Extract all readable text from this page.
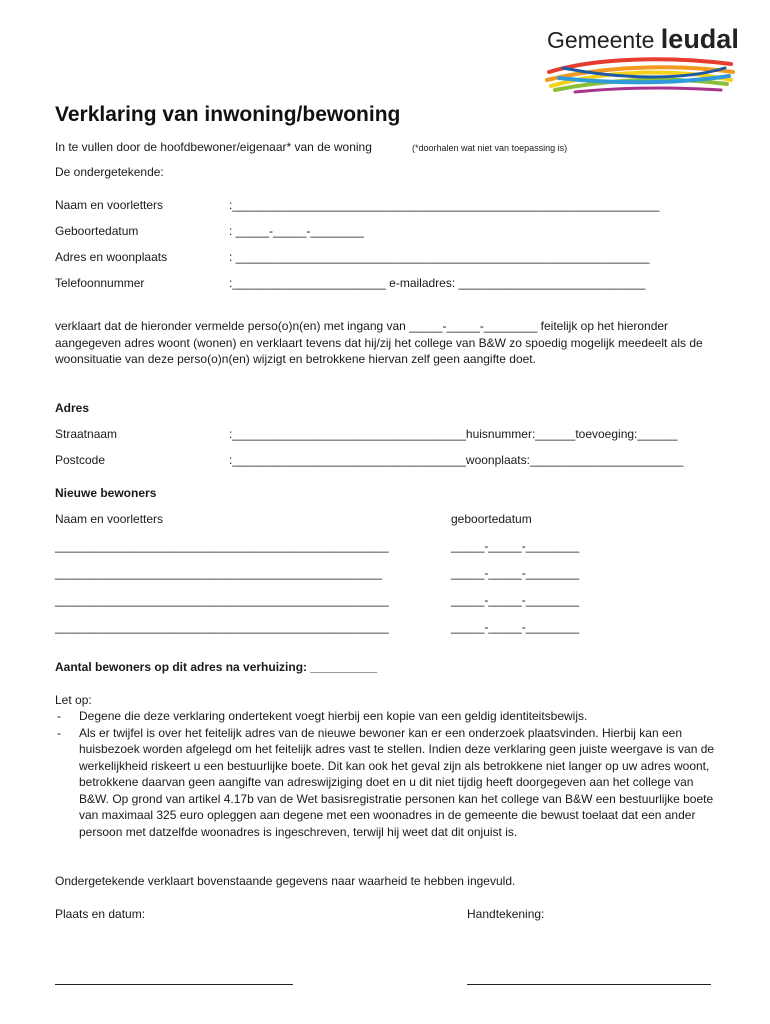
Gemeente leudal
Verklaring van inwoning/bewoning
In te vullen door de hoofdbewoner/eigenaar* van de woning	(*doorhalen wat niet van toepassing is)
De ondergetekende:
Naam en voorletters	:________________________________________________________________
Geboortedatum	: _____-_____-________
Adres en woonplaats	: ______________________________________________________________
Telefoonnummer	:_______________________ e-mailadres: ____________________________
verklaart dat de hieronder vermelde perso(o)n(en) met ingang van _____-_____-________ feitelijk op het hieronder aangegeven adres woont (wonen) en verklaart tevens dat hij/zij het college van B&W zo spoedig mogelijk meedeelt als de woonsituatie van deze perso(o)n(en) wijzigt en betrokkene hiervan zelf geen aangifte doet.
Adres
Straatnaam	:___________________________________huisnummer:______toevoeging:______
Postcode	:___________________________________woonplaats:_______________________
Nieuwe bewoners
Naam en voorletters	geboortedatum
__________________________________________________	_____-_____-________
_________________________________________________	_____-_____-________
__________________________________________________	_____-_____-________
__________________________________________________	_____-_____-________
Aantal bewoners op dit adres na verhuizing: __________
Let op:
- Degene die deze verklaring ondertekent voegt hierbij een kopie van een geldig identiteitsbewijs.
- Als er twijfel is over het feitelijk adres van de nieuwe bewoner kan er een onderzoek plaatsvinden. Hierbij kan een huisbezoek worden afgelegd om het feitelijk adres vast te stellen. Indien deze verklaring geen juiste weergave is van de werkelijkheid riskeert u een bestuurlijke boete. Dit kan ook het geval zijn als betrokkene niet langer op uw adres woont, betrokkene daarvan geen aangifte van adreswijziging doet en u dit niet tijdig heeft doorgegeven aan het college van B&W. Op grond van artikel 4.17b van de Wet basisregistratie personen kan het college van B&W een bestuurlijke boete van maximaal 325 euro opleggen aan degene met een woonadres in de gemeente die bewust toelaat dat een ander persoon met datzelfde woonadres is ingeschreven, terwijl hij weet dat dit onjuist is.
Ondergetekende verklaart bovenstaande gegevens naar waarheid te hebben ingevuld.
Plaats en datum:	Handtekening:
